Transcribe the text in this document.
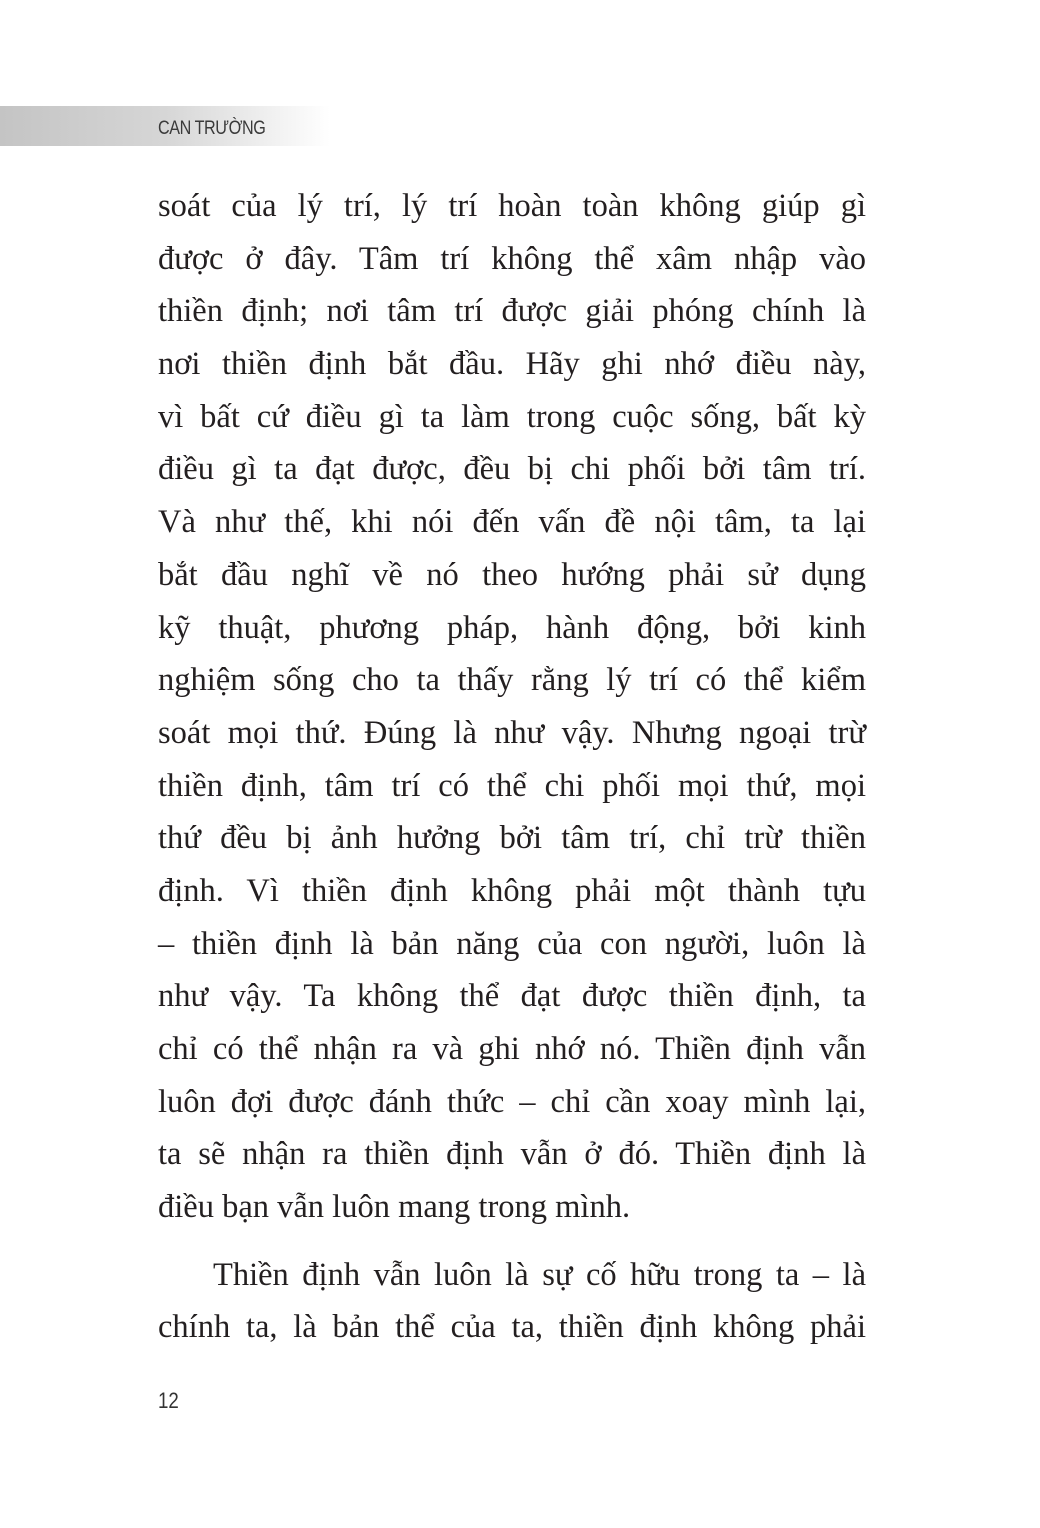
CAN TRƯỜNG
soát của lý trí, lý trí hoàn toàn không giúp gì
được ở đây. Tâm trí không thể xâm nhập vào
thiền định; nơi tâm trí được giải phóng chính là
nơi thiền định bắt đầu. Hãy ghi nhớ điều này,
vì bất cứ điều gì ta làm trong cuộc sống, bất kỳ
điều gì ta đạt được, đều bị chi phối bởi tâm trí.
Và như thế, khi nói đến vấn đề nội tâm, ta lại
bắt đầu nghĩ về nó theo hướng phải sử dụng
kỹ thuật, phương pháp, hành động, bởi kinh
nghiệm sống cho ta thấy rằng lý trí có thể kiểm
soát mọi thứ. Đúng là như vậy. Nhưng ngoại trừ
thiền định, tâm trí có thể chi phối mọi thứ, mọi
thứ đều bị ảnh hưởng bởi tâm trí, chỉ trừ thiền
định. Vì thiền định không phải một thành tựu
– thiền định là bản năng của con người, luôn là
như vậy. Ta không thể đạt được thiền định, ta
chỉ có thể nhận ra và ghi nhớ nó. Thiền định vẫn
luôn đợi được đánh thức – chỉ cần xoay mình lại,
ta sẽ nhận ra thiền định vẫn ở đó. Thiền định là
điều bạn vẫn luôn mang trong mình.
Thiền định vẫn luôn là sự cố hữu trong ta – là
chính ta, là bản thể của ta, thiền định không phải
12
